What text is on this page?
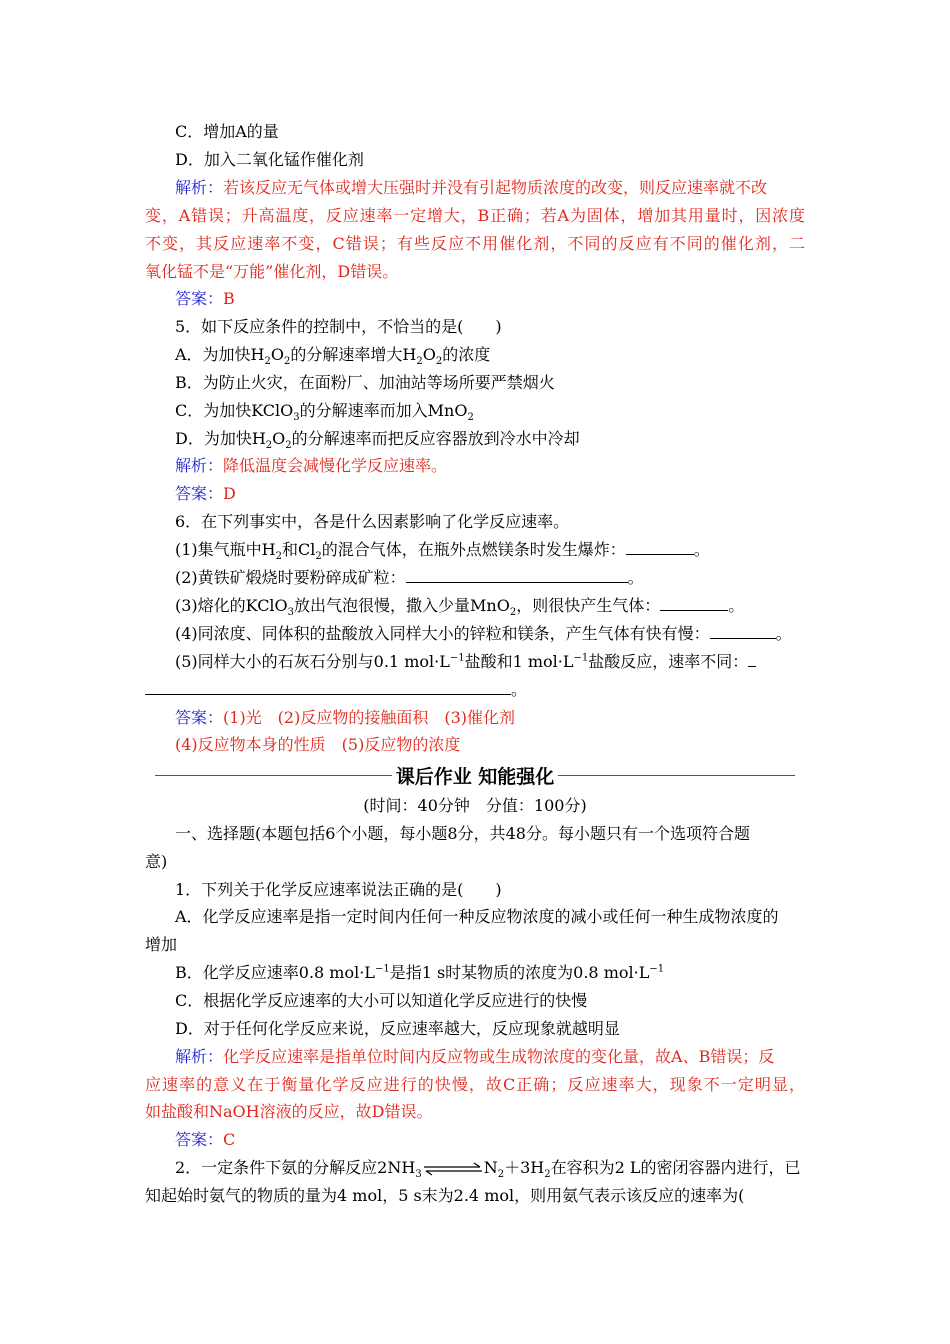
C．增加A的量
D．加入二氧化锰作催化剂
解析：若该反应无气体或增大压强时并没有引起物质浓度的改变，则反应速率就不改
变，A错误；升高温度，反应速率一定增大，B正确；若A为固体，增加其用量时，因浓度
不变，其反应速率不变，C错误；有些反应不用催化剂，不同的反应有不同的催化剂，二
氧化锰不是“万能”催化剂，D错误。
答案：B
5．如下反应条件的控制中，不恰当的是(　　)
A．为加快$H_2O_2$的分解速率增大$H_2O_2$的浓度
B．为防止火灾，在面粉厂、加油站等场所要严禁烟火
C．为加快KClO$_3$的分解速率而加入MnO$_2$
D．为加快$H_2O_2$的分解速率而把反应容器放到冷水中冷却
解析：降低温度会减慢化学反应速率。
答案：D
6．在下列事实中，各是什么因素影响了化学反应速率。
(1)集气瓶中$H_2$和$Cl_2$的混合气体，在瓶外点燃镁条时发生爆炸：	。
(2)黄铁矿煅烧时要粉碎成矿粒：	。
(3)熔化的KClO$_3$放出气泡很慢，撒入少量MnO$_2$，则很快产生气体：	。
(4)同浓度、同体积的盐酸放入同样大小的锌粒和镁条，产生气体有快有慢：	。
(5)同样大小的石灰石分别与0.1 $mol\cdot L^{-1}$盐酸和1 $mol\cdot L^{-1}$盐酸反应，速率不同：
。
答案：(1)光　(2)反应物的接触面积　(3)催化剂
(4)反应物本身的性质　(5)反应物的浓度
课后作业 知能强化
(时间：40分钟　分值：100分)
一、选择题(本题包括6个小题，每小题8分，共48分。每小题只有一个选项符合题
意)
1．下列关于化学反应速率说法正确的是(　　)
A．化学反应速率是指一定时间内任何一种反应物浓度的减小或任何一种生成物浓度的
增加
B．化学反应速率0.8 $mol\cdot L^{-1}$是指1 s时某物质的浓度为0.8 $mol\cdot L^{-1}$
C．根据化学反应速率的大小可以知道化学反应进行的快慢
D．对于任何化学反应来说，反应速率越大，反应现象就越明显
解析：化学反应速率是指单位时间内反应物或生成物浓度的变化量，故A、B错误；反
应速率的意义在于衡量化学反应进行的快慢，故C正确；反应速率大，现象不一定明显，
如盐酸和NaOH溶液的反应，故D错误。
答案：C
2．一定条件下氨的分解反应$2NH_3$	$N_2+3H_2$在容积为2 L的密闭容器内进行，已
知起始时氨气的物质的量为4 mol，5 s末为2.4 mol，则用氨气表示该反应的速率为(
